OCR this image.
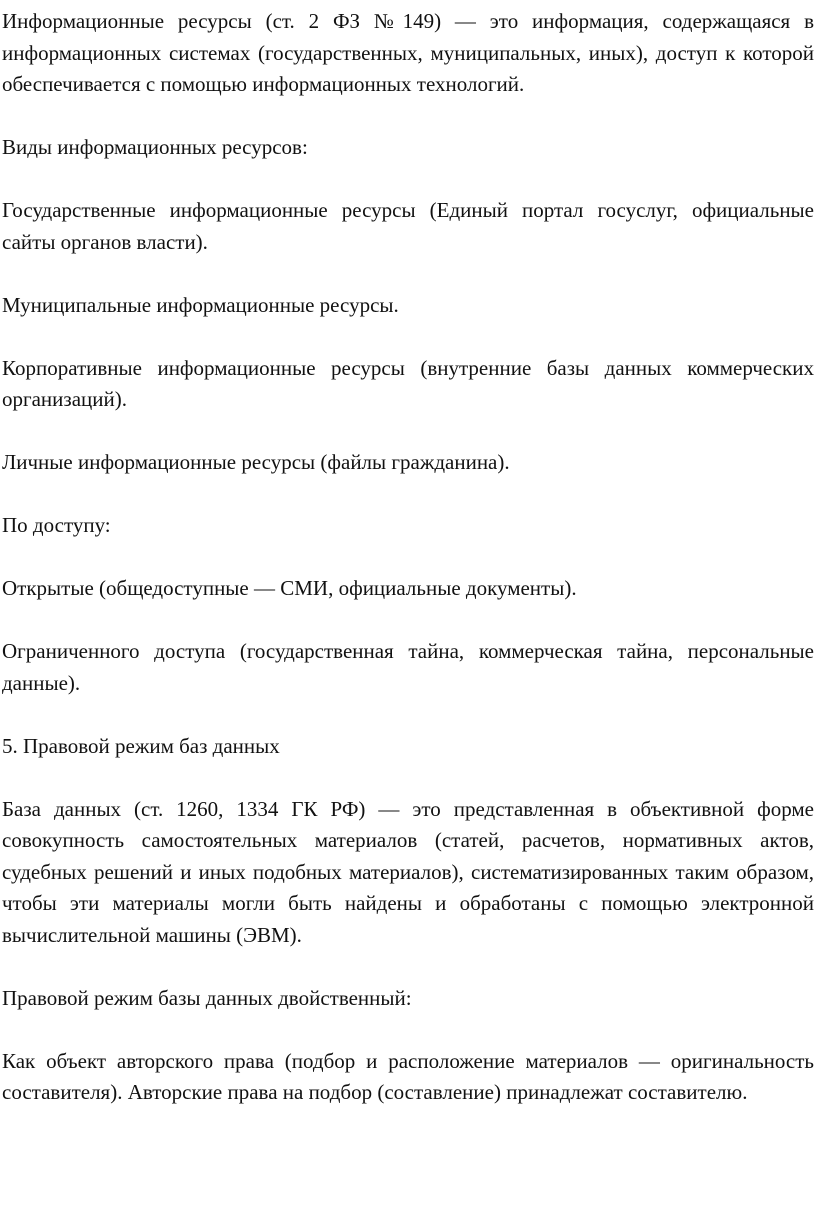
Информационные ресурсы (ст. 2 ФЗ №149) — это информация, содержащаяся в информационных системах (государственных, муниципальных, иных), доступ к которой обеспечивается с помощью информационных технологий.

Виды информационных ресурсов:

Государственные информационные ресурсы (Единый портал госуслуг, официальные сайты органов власти).

Муниципальные информационные ресурсы.

Корпоративные информационные ресурсы (внутренние базы данных коммерческих организаций).

Личные информационные ресурсы (файлы гражданина).

По доступу:

Открытые (общедоступные — СМИ, официальные документы).

Ограниченного доступа (государственная тайна, коммерческая тайна, персональные данные).

5. Правовой режим баз данных

База данных (ст. 1260, 1334 ГК РФ) — это представленная в объективной форме совокупность самостоятельных материалов (статей, расчетов, нормативных актов, судебных решений и иных подобных материалов), систематизированных таким образом, чтобы эти материалы могли быть найдены и обработаны с помощью электронной вычислительной машины (ЭВМ).

Правовой режим базы данных двойственный:

Как объект авторского права (подбор и расположение материалов — оригинальность составителя). Авторские права на подбор (составление) принадлежат составителю.
